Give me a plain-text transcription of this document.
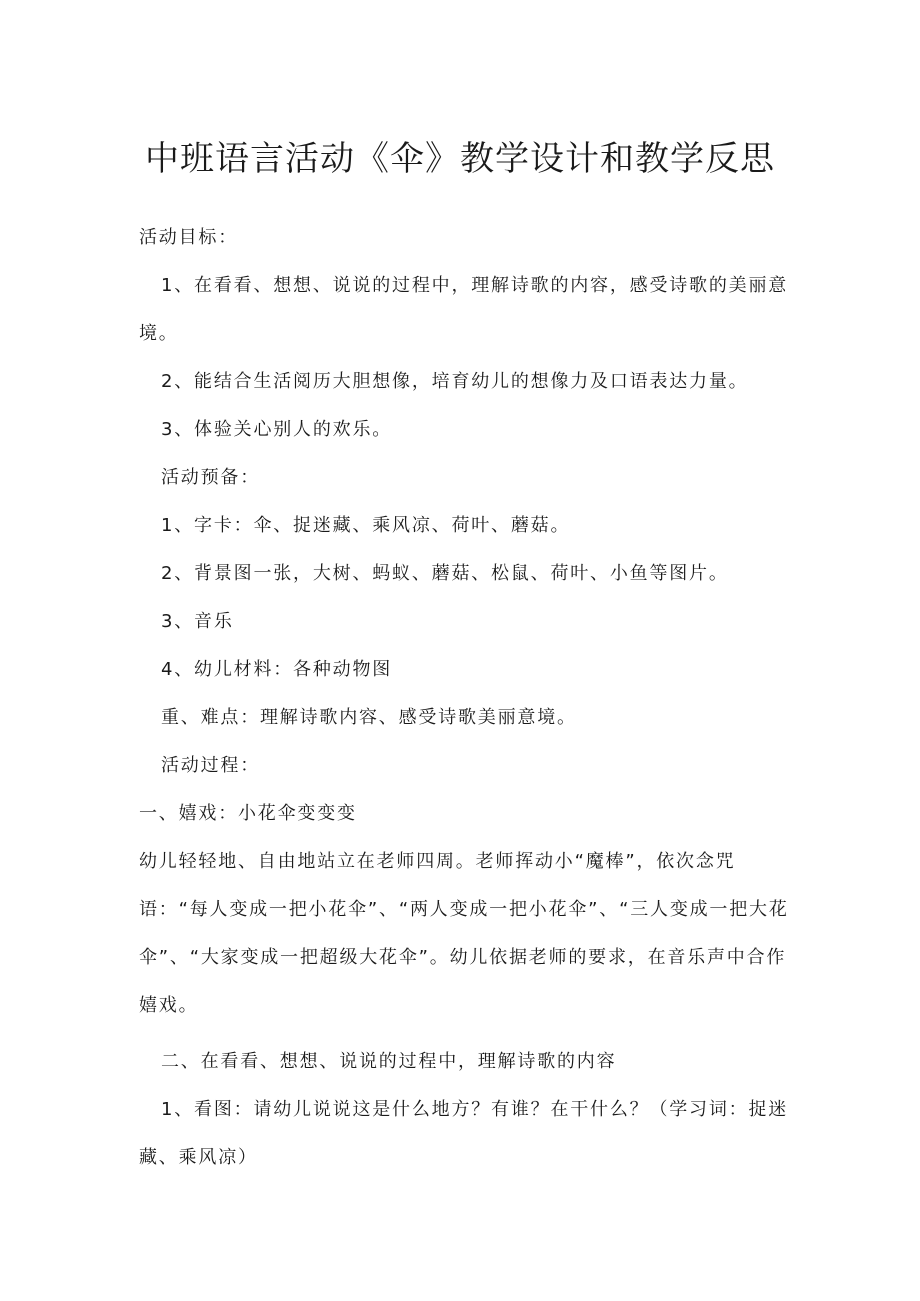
中班语言活动《伞》教学设计和教学反思

活动目标：

1、在看看、想想、说说的过程中，理解诗歌的内容，感受诗歌的美丽意境。

2、能结合生活阅历大胆想像，培育幼儿的想像力及口语表达力量。

3、体验关心别人的欢乐。

活动预备：

1、字卡：伞、捉迷藏、乘风凉、荷叶、蘑菇。

2、背景图一张，大树、蚂蚁、蘑菇、松鼠、荷叶、小鱼等图片。

3、音乐

4、幼儿材料：各种动物图

重、难点：理解诗歌内容、感受诗歌美丽意境。

活动过程：

一、嬉戏：小花伞变变变

幼儿轻轻地、自由地站立在老师四周。老师挥动小“魔棒”，依次念咒语：“每人变成一把小花伞”、“两人变成一把小花伞”、“三人变成一把大花伞”、“大家变成一把超级大花伞”。幼儿依据老师的要求，在音乐声中合作嬉戏。

二、在看看、想想、说说的过程中，理解诗歌的内容

1、看图：请幼儿说说这是什么地方？有谁？在干什么？（学习词：捉迷藏、乘风凉）
